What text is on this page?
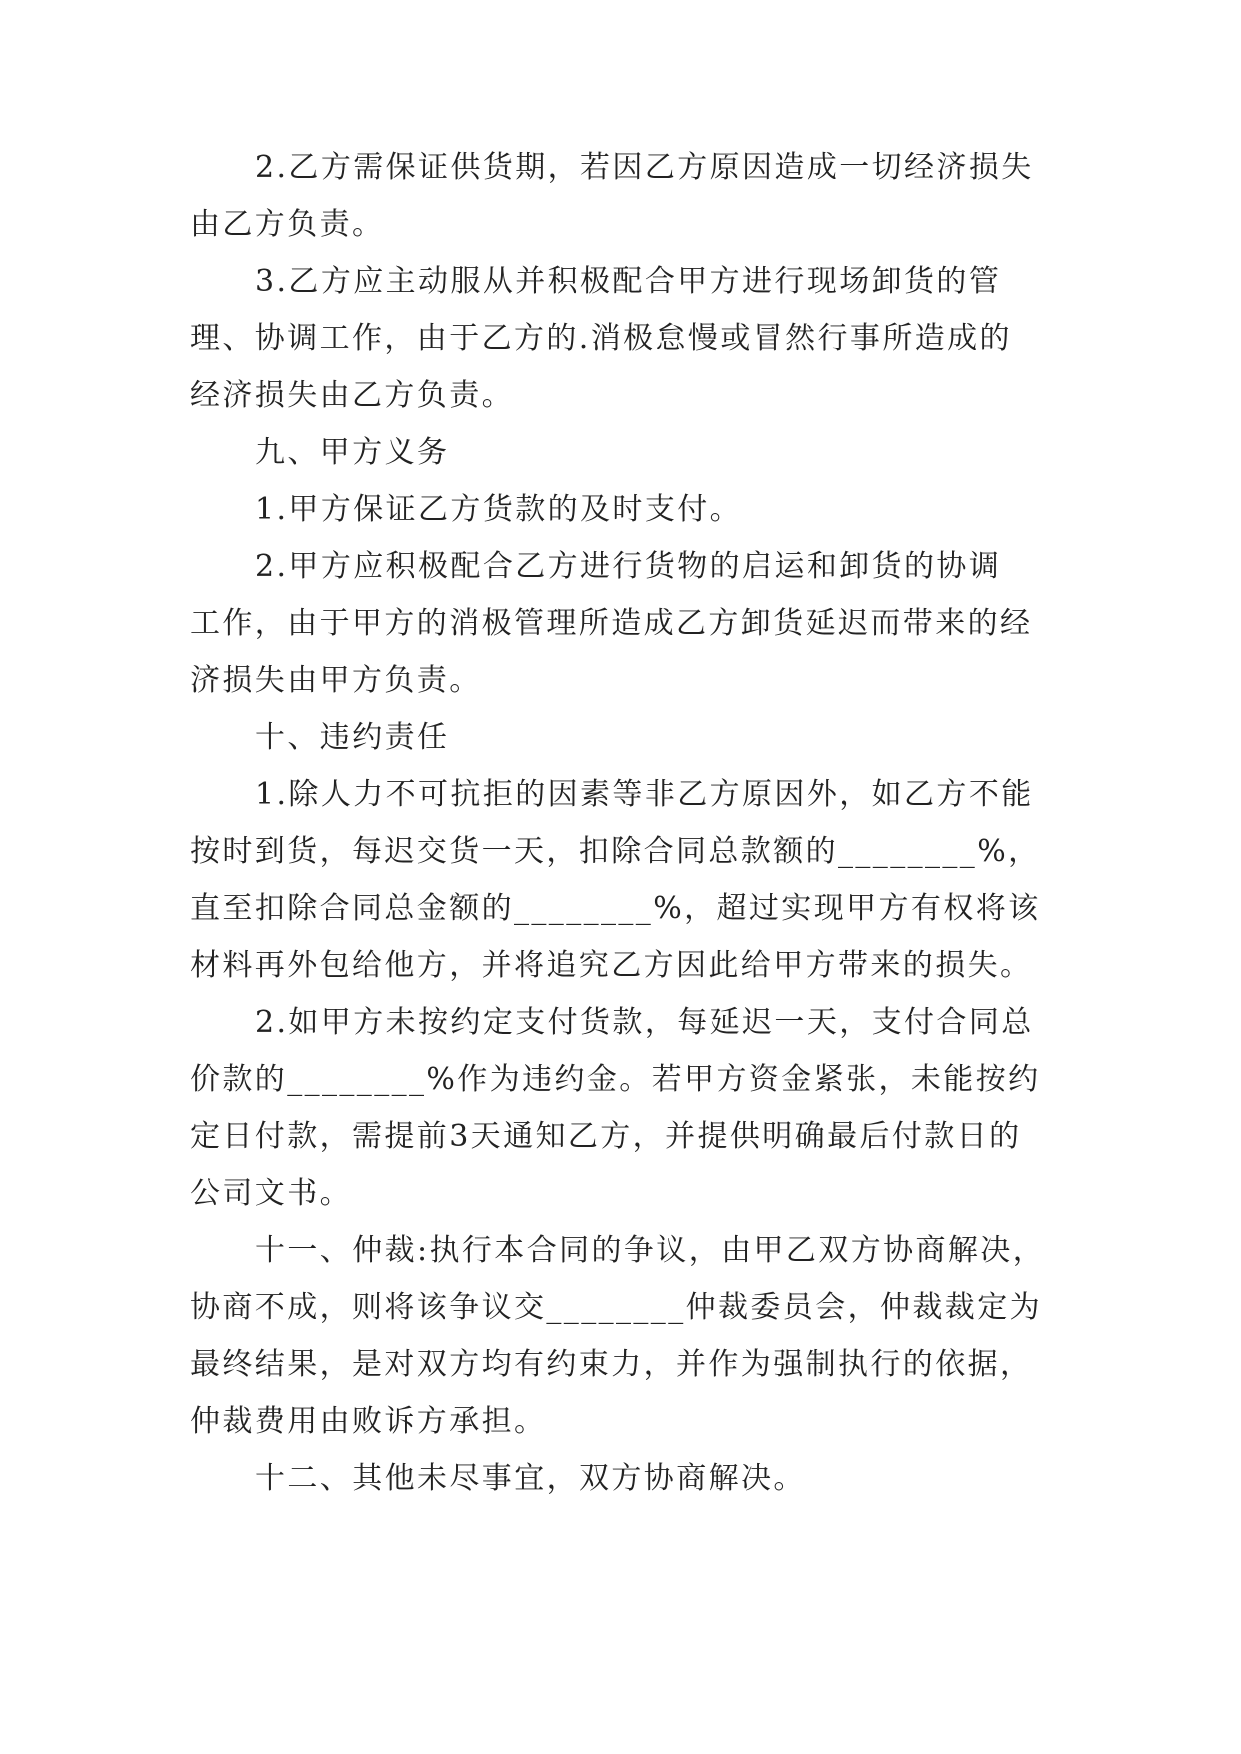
2.乙方需保证供货期，若因乙方原因造成一切经济损失
由乙方负责。
3.乙方应主动服从并积极配合甲方进行现场卸货的管
理、协调工作，由于乙方的.消极怠慢或冒然行事所造成的
经济损失由乙方负责。
九、甲方义务
1.甲方保证乙方货款的及时支付。
2.甲方应积极配合乙方进行货物的启运和卸货的协调
工作，由于甲方的消极管理所造成乙方卸货延迟而带来的经
济损失由甲方负责。
十、违约责任
1.除人力不可抗拒的因素等非乙方原因外，如乙方不能
按时到货，每迟交货一天，扣除合同总款额的________%，
直至扣除合同总金额的________%，超过实现甲方有权将该
材料再外包给他方，并将追究乙方因此给甲方带来的损失。
2.如甲方未按约定支付货款，每延迟一天，支付合同总
价款的________%作为违约金。若甲方资金紧张，未能按约
定日付款，需提前3天通知乙方，并提供明确最后付款日的
公司文书。
十一、仲裁:执行本合同的争议，由甲乙双方协商解决，
协商不成，则将该争议交________仲裁委员会，仲裁裁定为
最终结果，是对双方均有约束力，并作为强制执行的依据，
仲裁费用由败诉方承担。
十二、其他未尽事宜，双方协商解决。
